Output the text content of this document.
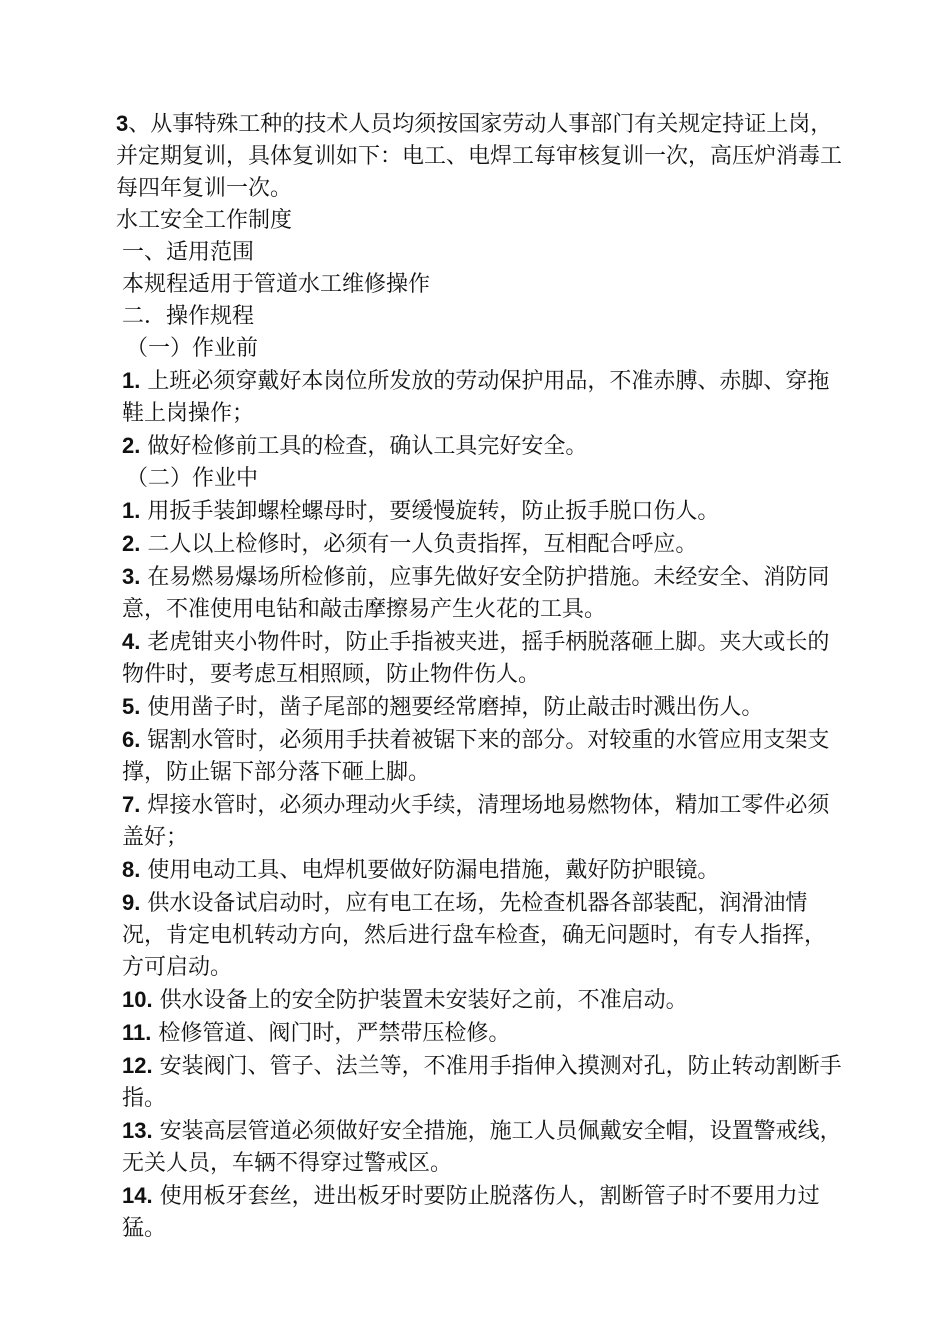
3、从事特殊工种的技术人员均须按国家劳动人事部门有关规定持证上岗，并定期复训，具体复训如下：电工、电焊工每审核复训一次，高压炉消毒工每四年复训一次。

水工安全工作制度

一、适用范围

本规程适用于管道水工维修操作

二．操作规程

（一）作业前

1. 上班必须穿戴好本岗位所发放的劳动保护用品，不准赤膊、赤脚、穿拖鞋上岗操作；

2. 做好检修前工具的检查，确认工具完好安全。

（二）作业中

1. 用扳手装卸螺栓螺母时，要缓慢旋转，防止扳手脱口伤人。

2. 二人以上检修时，必须有一人负责指挥，互相配合呼应。

3. 在易燃易爆场所检修前，应事先做好安全防护措施。未经安全、消防同意，不准使用电钻和敲击摩擦易产生火花的工具。

4. 老虎钳夹小物件时，防止手指被夹进，摇手柄脱落砸上脚。夹大或长的物件时，要考虑互相照顾，防止物件伤人。

5. 使用凿子时，凿子尾部的翘要经常磨掉，防止敲击时溅出伤人。

6. 锯割水管时，必须用手扶着被锯下来的部分。对较重的水管应用支架支撑，防止锯下部分落下砸上脚。

7. 焊接水管时，必须办理动火手续，清理场地易燃物体，精加工零件必须盖好；

8. 使用电动工具、电焊机要做好防漏电措施，戴好防护眼镜。

9. 供水设备试启动时，应有电工在场，先检查机器各部装配，润滑油情况，肯定电机转动方向，然后进行盘车检查，确无问题时，有专人指挥，方可启动。

10. 供水设备上的安全防护装置未安装好之前，不准启动。

11. 检修管道、阀门时，严禁带压检修。

12. 安装阀门、管子、法兰等，不准用手指伸入摸测对孔，防止转动割断手指。

13. 安装高层管道必须做好安全措施，施工人员佩戴安全帽，设置警戒线，无关人员，车辆不得穿过警戒区。

14. 使用板牙套丝，进出板牙时要防止脱落伤人，割断管子时不要用力过猛。
